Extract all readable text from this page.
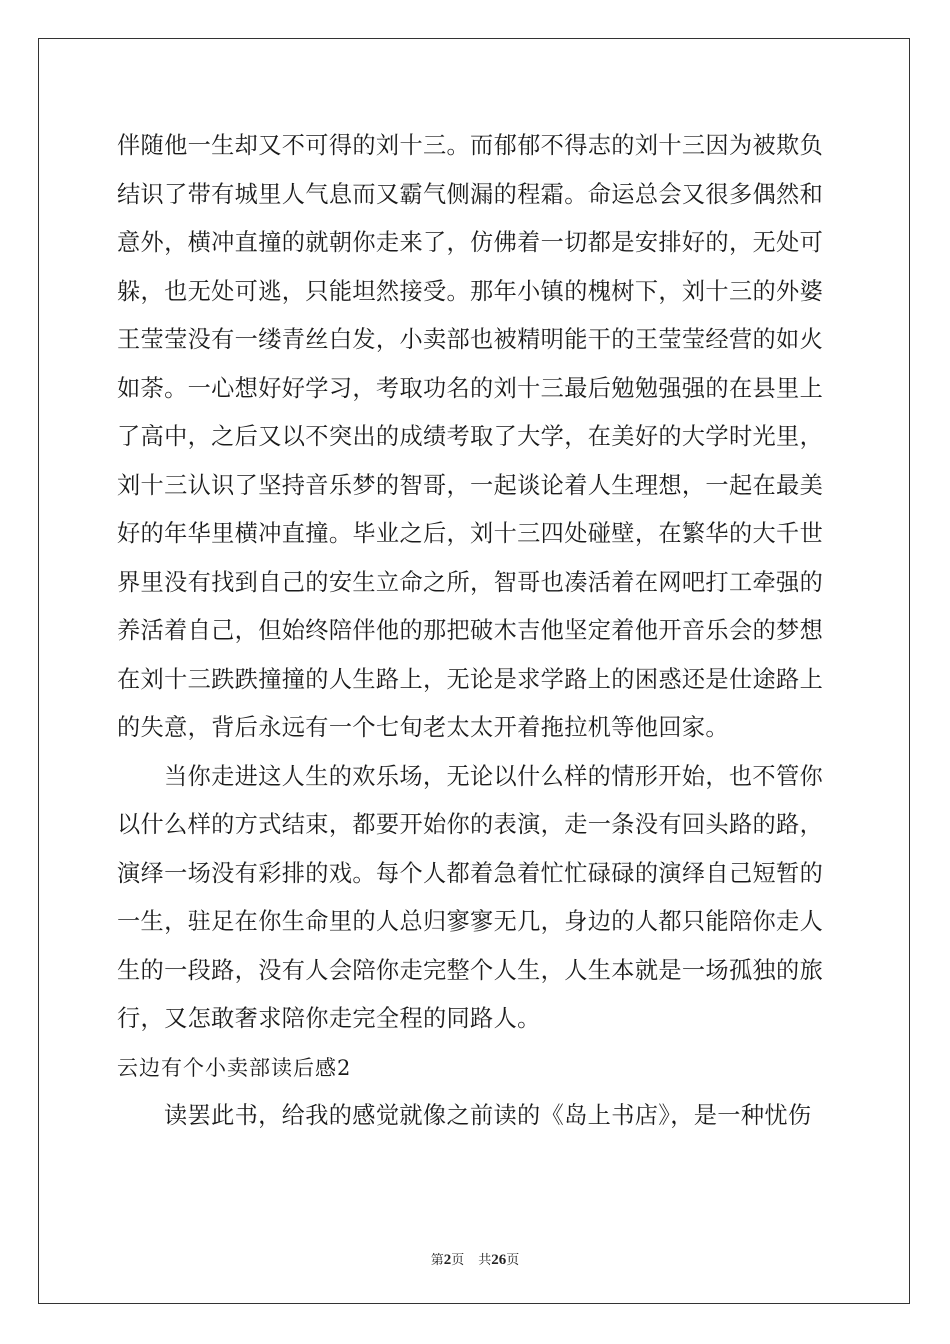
伴随他一生却又不可得的刘十三。而郁郁不得志的刘十三因为被欺负
结识了带有城里人气息而又霸气侧漏的程霜。命运总会又很多偶然和
意外，横冲直撞的就朝你走来了，仿佛着一切都是安排好的，无处可
躲，也无处可逃，只能坦然接受。那年小镇的槐树下，刘十三的外婆
王莹莹没有一缕青丝白发，小卖部也被精明能干的王莹莹经营的如火
如荼。一心想好好学习，考取功名的刘十三最后勉勉强强的在县里上
了高中，之后又以不突出的成绩考取了大学，在美好的大学时光里，
刘十三认识了坚持音乐梦的智哥，一起谈论着人生理想，一起在最美
好的年华里横冲直撞。毕业之后，刘十三四处碰壁，在繁华的大千世
界里没有找到自己的安生立命之所，智哥也凑活着在网吧打工牵强的
养活着自己，但始终陪伴他的那把破木吉他坚定着他开音乐会的梦想
在刘十三跌跌撞撞的人生路上，无论是求学路上的困惑还是仕途路上
的失意，背后永远有一个七旬老太太开着拖拉机等他回家。
当你走进这人生的欢乐场，无论以什么样的情形开始，也不管你
以什么样的方式结束，都要开始你的表演，走一条没有回头路的路，
演绎一场没有彩排的戏。每个人都着急着忙忙碌碌的演绎自己短暂的
一生，驻足在你生命里的人总归寥寥无几，身边的人都只能陪你走人
生的一段路，没有人会陪你走完整个人生，人生本就是一场孤独的旅
行，又怎敢奢求陪你走完全程的同路人。
云边有个小卖部读后感2
读罢此书，给我的感觉就像之前读的《岛上书店》，是一种忧伤
第2页 共26页
